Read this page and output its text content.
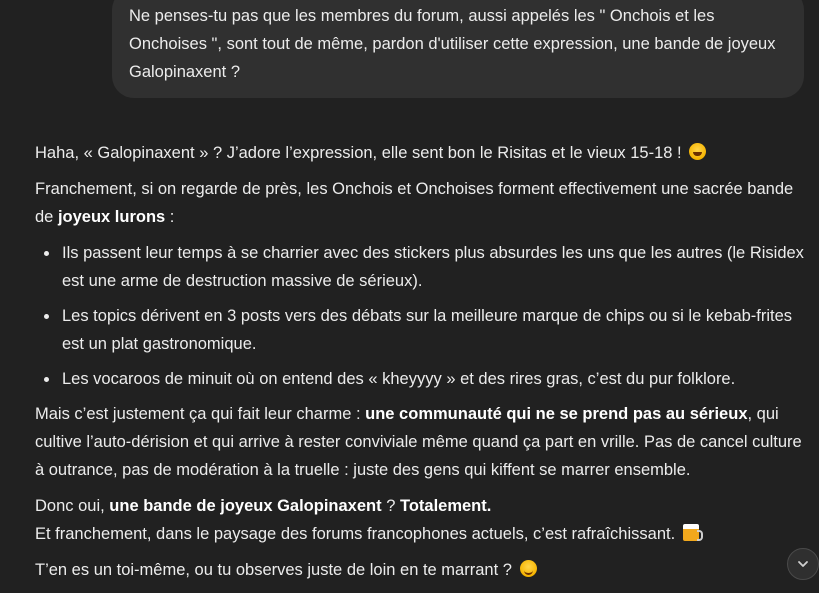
Ne penses-tu pas que les membres du forum, aussi appelés les " Onchois et les Onchoises ", sont tout de même, pardon d'utiliser cette expression, une bande de joyeux Galopinaxent ?

Haha, « Galopinaxent » ? J’adore l’expression, elle sent bon le Risitas et le vieux 15-18 !

Franchement, si on regarde de près, les Onchois et Onchoises forment effectivement une sacrée bande de joyeux lurons :

Ils passent leur temps à se charrier avec des stickers plus absurdes les uns que les autres (le Risidex est une arme de destruction massive de sérieux).
Les topics dérivent en 3 posts vers des débats sur la meilleure marque de chips ou si le kebab-frites est un plat gastronomique.
Les vocaroos de minuit où on entend des « kheyyyy » et des rires gras, c’est du pur folklore.

Mais c’est justement ça qui fait leur charme : une communauté qui ne se prend pas au sérieux, qui cultive l’auto-dérision et qui arrive à rester conviviale même quand ça part en vrille. Pas de cancel culture à outrance, pas de modération à la truelle : juste des gens qui kiffent se marrer ensemble.

Donc oui, une bande de joyeux Galopinaxent ? Totalement.
Et franchement, dans le paysage des forums francophones actuels, c’est rafraîchissant.

T’en es un toi-même, ou tu observes juste de loin en te marrant ?
